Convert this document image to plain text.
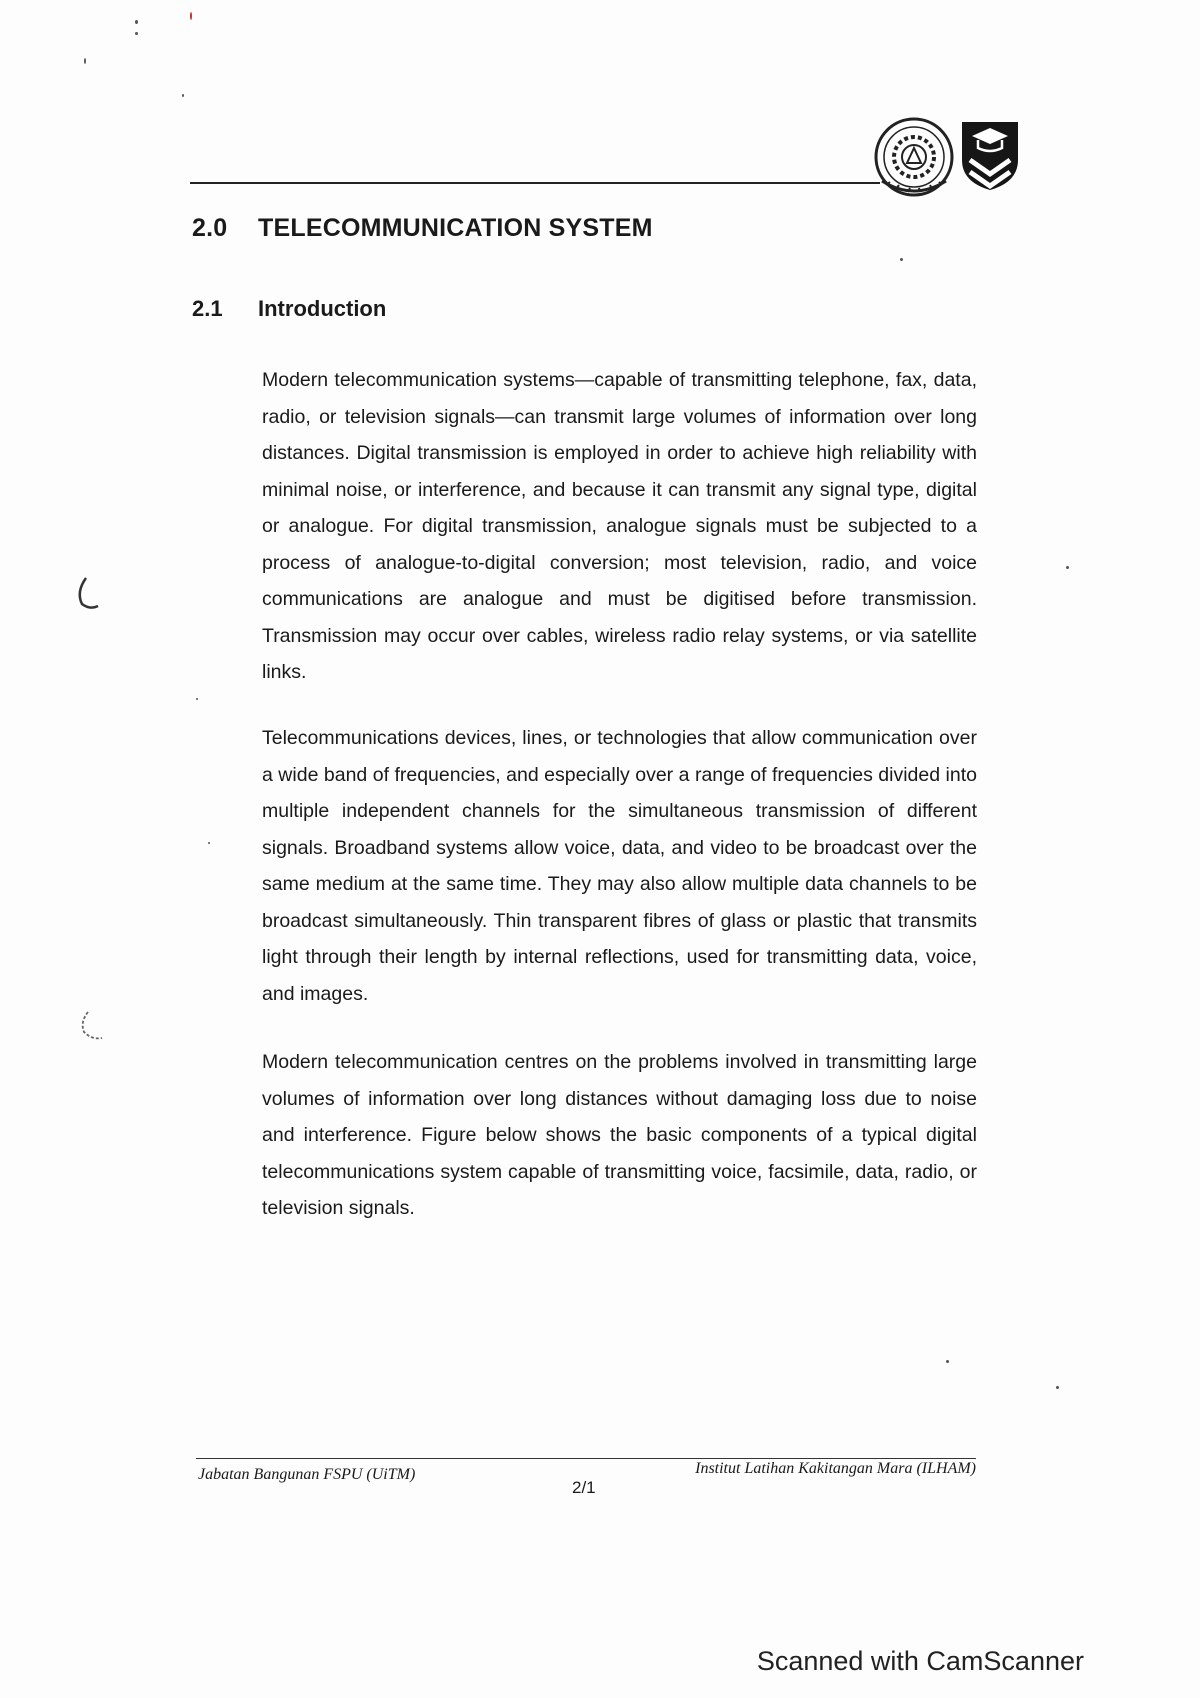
2.0 TELECOMMUNICATION SYSTEM
2.1 Introduction

Modern telecommunication systems—capable of transmitting telephone, fax, data, radio, or television signals—can transmit large volumes of information over long distances. Digital transmission is employed in order to achieve high reliability with minimal noise, or interference, and because it can transmit any signal type, digital or analogue. For digital transmission, analogue signals must be subjected to a process of analogue-to-digital conversion; most television, radio, and voice communications are analogue and must be digitised before transmission. Transmission may occur over cables, wireless radio relay systems, or via satellite links.

Telecommunications devices, lines, or technologies that allow communication over a wide band of frequencies, and especially over a range of frequencies divided into multiple independent channels for the simultaneous transmission of different signals. Broadband systems allow voice, data, and video to be broadcast over the same medium at the same time. They may also allow multiple data channels to be broadcast simultaneously. Thin transparent fibres of glass or plastic that transmits light through their length by internal reflections, used for transmitting data, voice, and images.

Modern telecommunication centres on the problems involved in transmitting large volumes of information over long distances without damaging loss due to noise and interference. Figure below shows the basic components of a typical digital telecommunications system capable of transmitting voice, facsimile, data, radio, or television signals.

Jabatan Bangunan FSPU (UiTM)
2/1
Institut Latihan Kakitangan Mara (ILHAM)
Scanned with CamScanner
